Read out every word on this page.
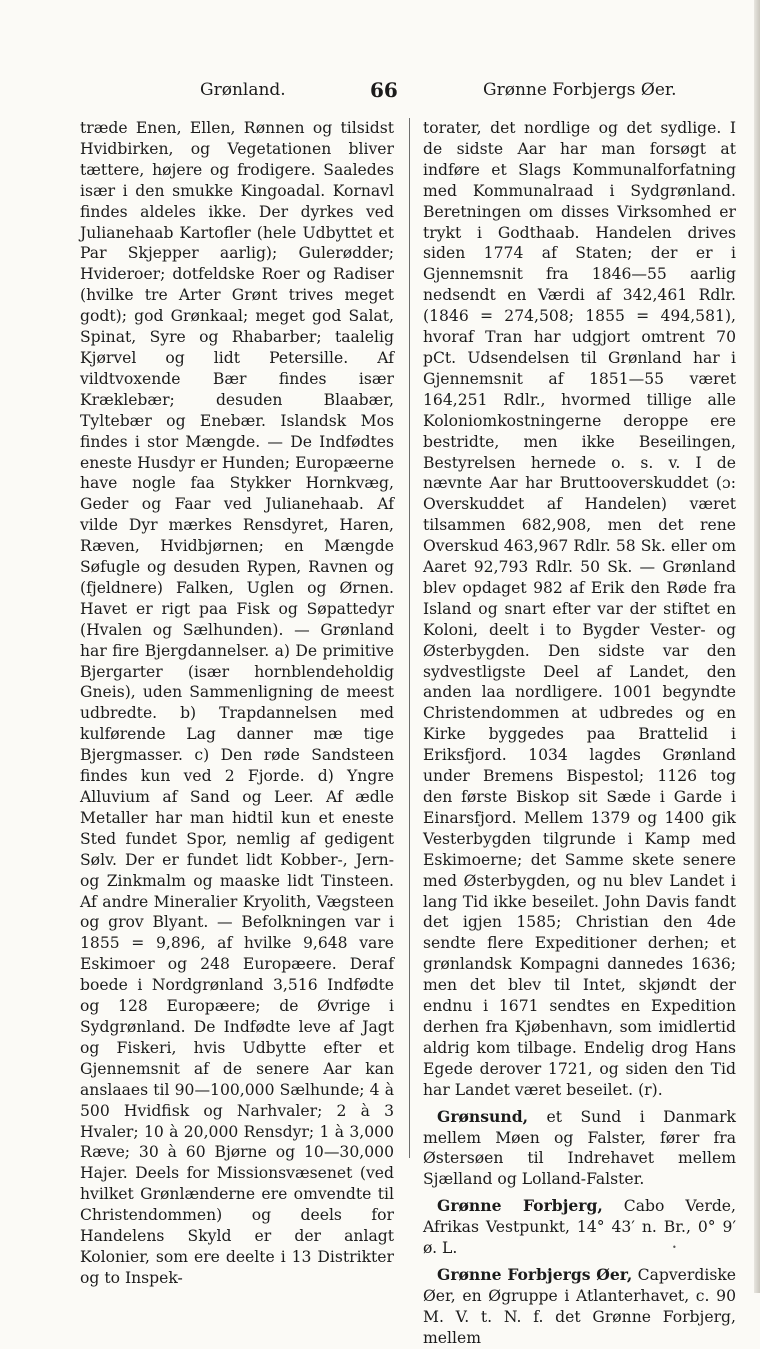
Grønland.	66	Grønne Forbjergs Øer.

træde Enen, Ellen, Rønnen og tilsidst Hvidbirken, og Vegetationen bliver tættere, højere og frodigere. Saaledes især i den smukke Kingoadal. Kornavl findes aldeles ikke. Der dyrkes ved Julianehaab Kartofler (hele Udbyttet et Par Skjepper aarlig); Gulerødder; Hvideroer; dotfeldske Roer og Radiser (hvilke tre Arter Grønt trives meget godt); god Grønkaal; meget god Salat, Spinat, Syre og Rhabarber; taalelig Kjørvel og lidt Petersille. Af vildtvoxende Bær findes især Kræklebær; desuden Blaabær, Tyltebær og Enebær. Islandsk Mos findes i stor Mængde. — De Indfødtes eneste Husdyr er Hunden; Europæerne have nogle faa Stykker Hornkvæg, Geder og Faar ved Julianehaab. Af vilde Dyr mærkes Rensdyret, Haren, Ræven, Hvidbjørnen; en Mængde Søfugle og desuden Rypen, Ravnen og (fjeldnere) Falken, Uglen og Ørnen. Havet er rigt paa Fisk og Søpattedyr (Hvalen og Sælhunden). — Grønland har fire Bjergdannelser. a) De primitive Bjergarter (især hornblendeholdig Gneis), uden Sammenligning de meest udbredte. b) Trapdannelsen med kulførende Lag danner mæ tige Bjergmasser. c) Den røde Sandsteen findes kun ved 2 Fjorde. d) Yngre Alluvium af Sand og Leer. Af ædle Metaller har man hidtil kun et eneste Sted fundet Spor, nemlig af gedigent Sølv. Der er fundet lidt Kobber-, Jern- og Zinkmalm og maaske lidt Tinsteen. Af andre Mineralier Kryolith, Vægsteen og grov Blyant. — Befolkningen var i 1855 = 9,896, af hvilke 9,648 vare Eskimoer og 248 Europæere. Deraf boede i Nordgrønland 3,516 Indfødte og 128 Europæere; de Øvrige i Sydgrønland. De Indfødte leve af Jagt og Fiskeri, hvis Udbytte efter et Gjennemsnit af de senere Aar kan anslaaes til 90—100,000 Sælhunde; 4 à 500 Hvidfisk og Narhvaler; 2 à 3 Hvaler; 10 à 20,000 Rensdyr; 1 à 3,000 Ræve; 30 à 60 Bjørne og 10—30,000 Hajer. Deels for Missionsvæsenet (ved hvilket Grønlænderne ere omvendte til Christendommen) og deels for Handelens Skyld er der anlagt Kolonier, som ere deelte i 13 Distrikter og to Inspek-

torater, det nordlige og det sydlige. I de sidste Aar har man forsøgt at indføre et Slags Kommunalforfatning med Kommunalraad i Sydgrønland. Beretningen om disses Virksomhed er trykt i Godthaab. Handelen drives siden 1774 af Staten; der er i Gjennemsnit fra 1846—55 aarlig nedsendt en Værdi af 342,461 Rdlr. (1846 = 274,508; 1855 = 494,581), hvoraf Tran har udgjort omtrent 70 pCt. Udsendelsen til Grønland har i Gjennemsnit af 1851—55 været 164,251 Rdlr., hvormed tillige alle Koloniomkostningerne deroppe ere bestridte, men ikke Beseilingen, Bestyrelsen hernede o. s. v. I de nævnte Aar har Bruttooverskuddet (ɔ: Overskuddet af Handelen) været tilsammen 682,908, men det rene Overskud 463,967 Rdlr. 58 Sk. eller om Aaret 92,793 Rdlr. 50 Sk. — Grønland blev opdaget 982 af Erik den Røde fra Island og snart efter var der stiftet en Koloni, deelt i to Bygder Vester- og Østerbygden. Den sidste var den sydvestligste Deel af Landet, den anden laa nordligere. 1001 begyndte Christendommen at udbredes og en Kirke byggedes paa Brattelid i Eriksfjord. 1034 lagdes Grønland under Bremens Bispestol; 1126 tog den første Biskop sit Sæde i Garde i Einarsfjord. Mellem 1379 og 1400 gik Vesterbygden tilgrunde i Kamp med Eskimoerne; det Samme skete senere med Østerbygden, og nu blev Landet i lang Tid ikke beseilet. John Davis fandt det igjen 1585; Christian den 4de sendte flere Expeditioner derhen; et grønlandsk Kompagni dannedes 1636; men det blev til Intet, skjøndt der endnu i 1671 sendtes en Expedition derhen fra Kjøbenhavn, som imidlertid aldrig kom tilbage. Endelig drog Hans Egede derover 1721, og siden den Tid har Landet været beseilet. (r).

Grønsund, et Sund i Danmark mellem Møen og Falster, fører fra Østersøen til Indrehavet mellem Sjælland og Lolland-Falster.

Grønne Forbjerg, Cabo Verde, Afrikas Vestpunkt, 14° 43′ n. Br., 0° 9′ ø. L.

Grønne Forbjergs Øer, Capverdiske Øer, en Øgruppe i Atlanterhavet, c. 90 M. V. t. N. f. det Grønne Forbjerg, mellem

•
